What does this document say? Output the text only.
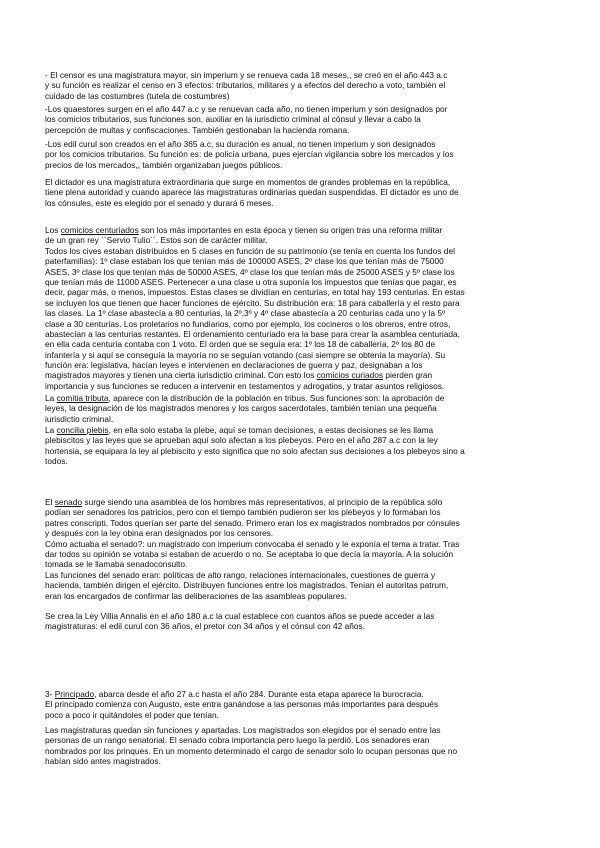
- El censor es una magistratura mayor, sin imperium y se renueva cada 18 meses,, se creó en el año 443 a.c
y su función es realizar el censo en 3 efectos: tributarios, militares y a efectos del derecho a voto, también el
cuidado de las costumbres (tutela de costumbres)

-Los quaestores surgen en el año 447 a.c y se renuevan cada año, no tienen imperium y son designados por
los comicios tributarios, sus funciones son, auxiliar en la iurisdictio criminal al cónsul y llevar a cabo la
percepción de multas y confiscaciones. También gestionaban la hacienda romana.

-Los edil curul son creados en el año 365 a.c, su duración es anual, no tienen imperium y son designados
por los comicios tributarios. Su función es: de policía urbana, pues ejercían vigilancia sobre los mercados y los
precios de los mercados,, también organizaban juegos públicos.

El dictador es una magistratura extraordinaria que surge en momentos de grandes problemas en la república,
tiene plena autoridad y cuando aparece las magistraturas ordinarias quedan suspendidas. El dictador es uno de
los cónsules, este es elegido por el senado y durará 6 meses.

Los comicios centuriados son los más importantes en esta época y tienen su origen tras una reforma militar
de un gran rey ``Servio Tulio´´. Estos son de carácter militar.
Todos los cives estaban distribuidos en 5 clases en función de su patrimonio (se tenía en cuenta los fundos del
paterfamilias): 1º clase estaban los que tenían más de 100000 ASES, 2º clase los que tenían más de 75000
ASES, 3º clase los que tenían más de 50000 ASES, 4º clase los que tenían más de 25000 ASES y 5º clase los
que tenían más de 11000 ASES. Pertenecer a una clase u otra suponía los impuestos que tenías que pagar, es
decir, pagar más, o menos, impuestos. Estas clases se dividían en centurias, en total hay 193 centurias. En estas
se incluyen los que tienen que hacer funciones de ejército. Su distribución era: 18 para caballería y el resto para
las clases. La 1º clase abastecía a 80 centurias, la 2º,3º y 4º clase abastecía a 20 centurias cada uno y la 5º
clase a 30 centurias. Los proletarios no fundiarios, como por ejemplo, los cocineros o los obreros, entre otros,
abastecían a las centurias restantes. El ordenamiento centuriado era la base para crear la asamblea centuriada,
en ella cada centuria contaba con 1 voto. El orden que se seguía era: 1º los 18 de caballería, 2º los 80 de
infantería y si aquí se conseguía la mayoría no se seguían votando (casi siempre se obtenía la mayoría). Su
función era: legislativa, hacían leyes e intervienen en declaraciones de guerra y paz, designaban a los
magistrados mayores y tienen una cierta iurisdictio criminal. Con esto los comicios curiados pierden gran
importancia y sus funciones se reducen a intervenir en testamentos y adrogatios, y tratar asuntos religiosos.

La comitia tributa, aparece con la distribución de la población en tribus. Sus funciones son: la aprobación de
leyes, la designación de los magistrados menores y los cargos sacerdotales, también tenían una pequeña
iurisdictio criminal.

La concilia plebis, en ella solo estaba la plebe, aquí se toman decisiones, a estas decisiones se les llama
plebiscitos y las leyes que se aprueban aquí solo afectan a los plebeyos. Pero en el año 287 a.c con la ley
hortensia, se equipara la ley al plebiscito y esto significa que no solo afectan sus decisiones a los plebeyos sino a
todos.

El senado surge siendo una asamblea de los hombres más representativos, al principio de la república sólo
podían ser senadores los patricios, pero con el tiempo también pudieron ser los plebeyos y lo formaban los
patres conscripti. Todos querían ser parte del senado. Primero eran los ex magistrados nombrados por cónsules
y después con la ley obina eran designados por los censores.
Cómo actuaba el senado?: un magistrado con imperium convocaba el senado y le exponía el tema a tratar. Tras
dar todos su opinión se votaba si estaban de acuerdo o no. Se aceptaba lo que decía la mayoría. A la solución
tomada se le llamaba senadoconsulto.
Las funciones del senado eran: políticas de alto rango, relaciones internacionales, cuestiones de guerra y
hacienda, también dirigen el ejército. Distribuyen funciones entre los magistrados. Tenían el autoritas patrum,
eran los encargados de confirmar las deliberaciones de las asambleas populares.

Se crea la Ley Villia Annalis en el año 180 a.c la cual establece con cuantos años se puede acceder a las
magistraturas: el edil curul con 36 años, el pretor con 34 años y el cónsul con 42 años.

3- Principado, abarca desde el año 27 a.c hasta el año 284. Durante esta etapa aparece la burocracia.
El principado comienza con Augusto, este entra ganándose a las personas más importantes para después
poco a poco ir quitándoles el poder que tenían.

Las magistraturas quedan sin funciones y apartadas. Los magistrados son elegidos por el senado entre las
personas de un rango senatorial. El senado cobra importancia pero luego la perdió. Los senadores eran
nombrados por los prinques. En un momento determinado el cargo de senador solo lo ocupan personas que no
habían sido antes magistrados.
